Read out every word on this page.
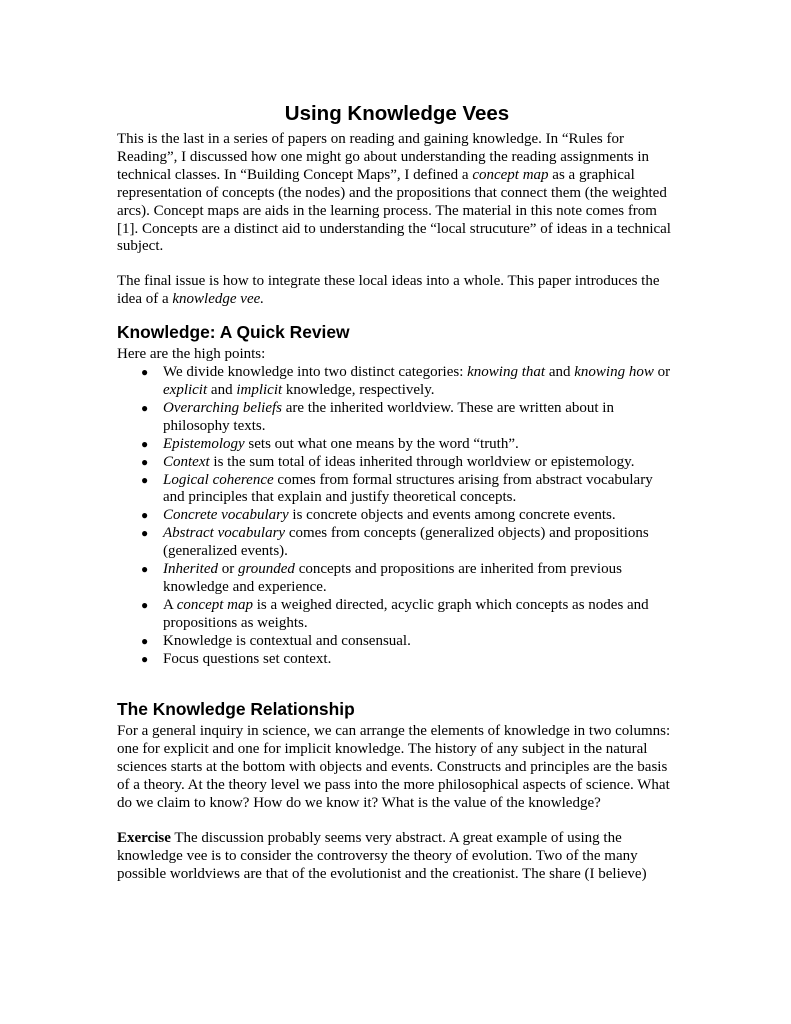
Using Knowledge Vees

This is the last in a series of papers on reading and gaining knowledge. In “Rules for Reading”, I discussed how one might go about understanding the reading assignments in technical classes. In “Building Concept Maps”, I defined a concept map as a graphical representation of concepts (the nodes) and the propositions that connect them (the weighted arcs). Concept maps are aids in the learning process. The material in this note comes from [1]. Concepts are a distinct aid to understanding the “local strucuture” of ideas in a technical subject.

The final issue is how to integrate these local ideas into a whole. This paper introduces the idea of a knowledge vee.

Knowledge: A Quick Review

Here are the high points:

● We divide knowledge into two distinct categories: knowing that and knowing how or explicit and implicit knowledge, respectively.
● Overarching beliefs are the inherited worldview. These are written about in philosophy texts.
● Epistemology sets out what one means by the word “truth”.
● Context is the sum total of ideas inherited through worldview or epistemology.
● Logical coherence comes from formal structures arising from abstract vocabulary and principles that explain and justify theoretical concepts.
● Concrete vocabulary is concrete objects and events among concrete events.
● Abstract vocabulary comes from concepts (generalized objects) and propositions (generalized events).
● Inherited or grounded concepts and propositions are inherited from previous knowledge and experience.
● A concept map is a weighed directed, acyclic graph which concepts as nodes and propositions as weights.
● Knowledge is contextual and consensual.
● Focus questions set context.
The Knowledge Relationship

For a general inquiry in science, we can arrange the elements of knowledge in two columns: one for explicit and one for implicit knowledge. The history of any subject in the natural sciences starts at the bottom with objects and events. Constructs and principles are the basis of a theory. At the theory level we pass into the more philosophical aspects of science. What do we claim to know? How do we know it? What is the value of the knowledge?

Exercise The discussion probably seems very abstract. A great example of using the knowledge vee is to consider the controversy the theory of evolution. Two of the many possible worldviews are that of the evolutionist and the creationist. The share (I believe)
